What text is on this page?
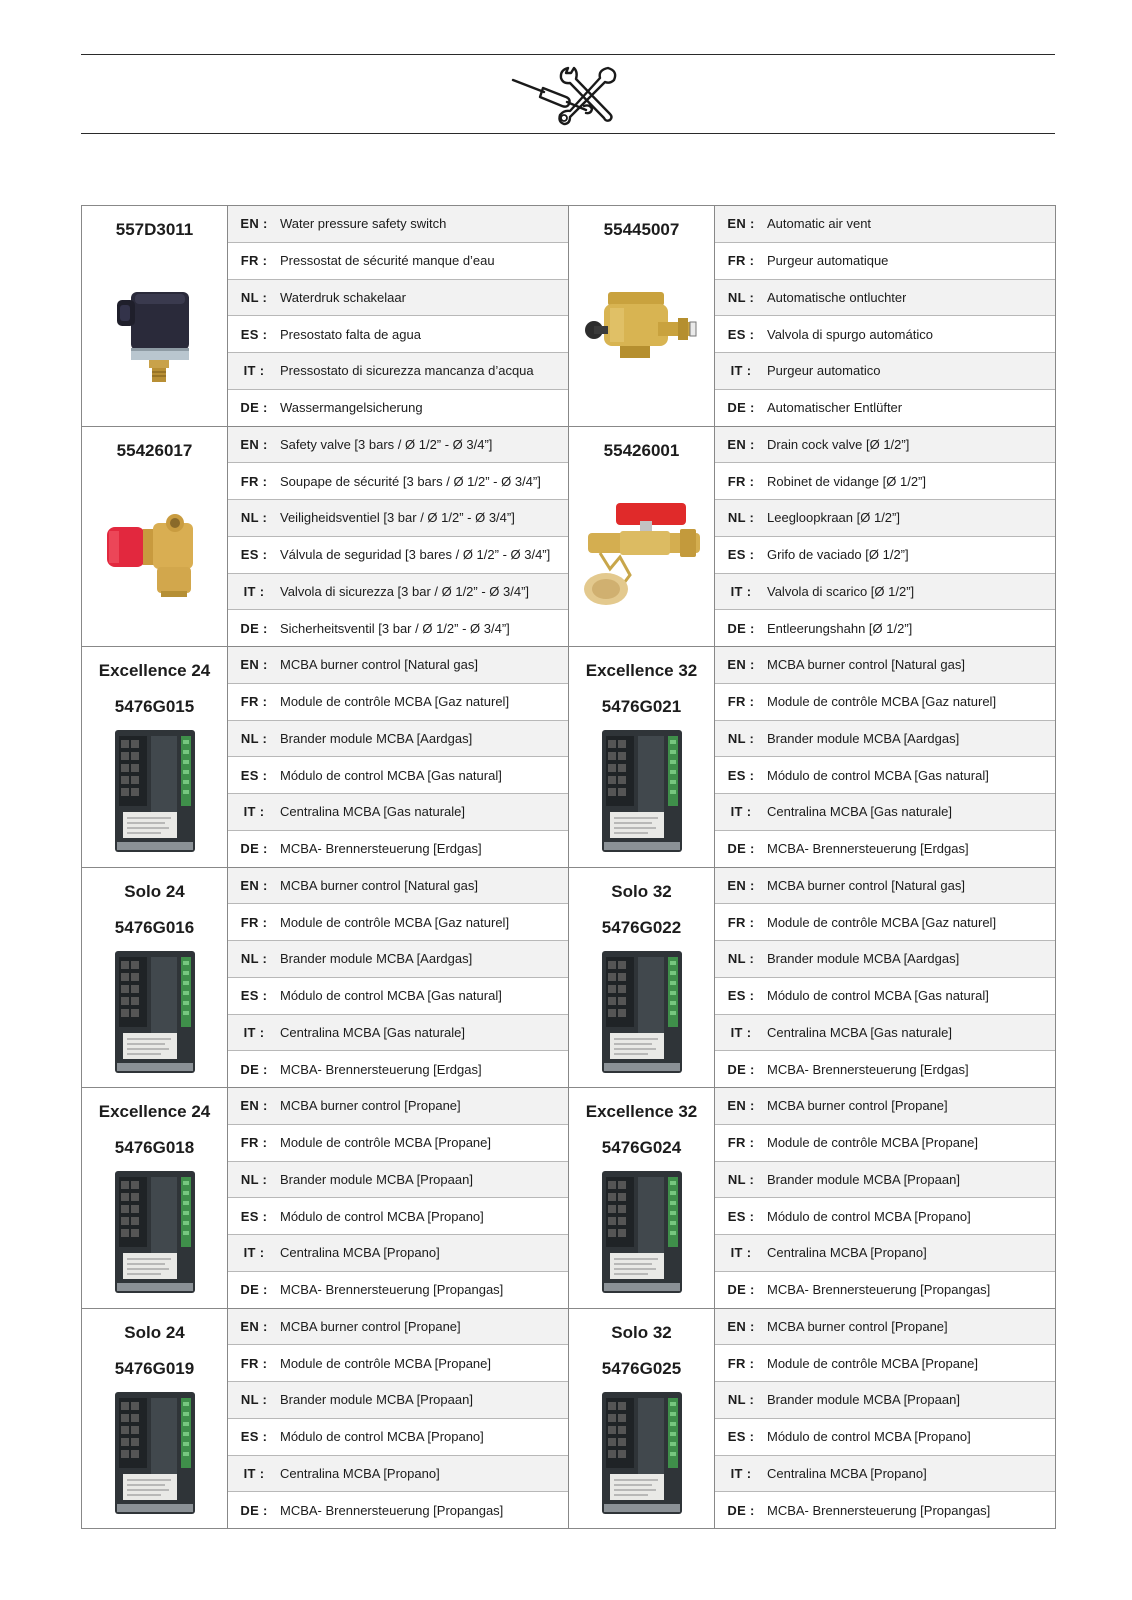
557D3011	EN : Water pressure safety switch
FR : Pressostat de sécurité manque d’eau
NL : Waterdruk schakelaar
ES : Presostato falta de agua
IT :	Pressostato di sicurezza mancanza d’acqua
DE : Wassermangelsicherung
55445007	EN : Automatic air vent
FR : Purgeur automatique
NL : Automatische ontluchter
ES : Valvola di spurgo automático
IT :	Purgeur automatico
DE : Automatischer Entlüfter
55426017	EN : Safety valve [3 bars / Ø 1/2” - Ø 3/4”]
FR : Soupape de sécurité [3 bars / Ø 1/2” - Ø 3/4”]
NL : Veiligheidsventiel [3 bar / Ø 1/2” - Ø 3/4”]
ES : Válvula de seguridad [3 bares / Ø 1/2” - Ø 3/4”]
IT :	Valvola di sicurezza [3 bar / Ø 1/2” - Ø 3/4”]
DE : Sicherheitsventil [3 bar / Ø 1/2” - Ø 3/4”]
55426001	EN : Drain cock valve [Ø 1/2”]
FR : Robinet de vidange [Ø 1/2”]
NL : Leegloopkraan [Ø 1/2”]
ES : Grifo de vaciado [Ø 1/2”]
IT :	Valvola di scarico [Ø 1/2”]
DE : Entleerungshahn [Ø 1/2”]
Excellence 24
5476G015
EN : MCBA burner control [Natural gas]
FR : Module de contrôle MCBA [Gaz naturel]
NL : Brander module MCBA [Aardgas]
ES : Módulo de control MCBA [Gas natural]
IT :	Centralina MCBA [Gas naturale]
DE : MCBA- Brennersteuerung [Erdgas]
Excellence 32
5476G021
EN : MCBA burner control [Natural gas]
FR : Module de contrôle MCBA [Gaz naturel]
NL : Brander module MCBA [Aardgas]
ES : Módulo de control MCBA [Gas natural]
IT :	Centralina MCBA [Gas naturale]
DE : MCBA- Brennersteuerung [Erdgas]
Solo 24
5476G016
EN : MCBA burner control [Natural gas]
FR : Module de contrôle MCBA [Gaz naturel]
NL : Brander module MCBA [Aardgas]
ES : Módulo de control MCBA [Gas natural]
IT :	Centralina MCBA [Gas naturale]
DE : MCBA- Brennersteuerung [Erdgas]
Solo 32
5476G022
EN : MCBA burner control [Natural gas]
FR : Module de contrôle MCBA [Gaz naturel]
NL : Brander module MCBA [Aardgas]
ES : Módulo de control MCBA [Gas natural]
IT :	Centralina MCBA [Gas naturale]
DE : MCBA- Brennersteuerung [Erdgas]
Excellence 24
5476G018
EN : MCBA burner control [Propane]
FR : Module de contrôle MCBA [Propane]
NL : Brander module MCBA [Propaan]
ES : Módulo de control MCBA [Propano]
IT :	Centralina MCBA [Propano]
DE : MCBA- Brennersteuerung [Propangas]
Excellence 32
5476G024
EN : MCBA burner control [Propane]
FR : Module de contrôle MCBA [Propane]
NL : Brander module MCBA [Propaan]
ES : Módulo de control MCBA [Propano]
IT :	Centralina MCBA [Propano]
DE : MCBA- Brennersteuerung [Propangas]
Solo 24
5476G019
EN : MCBA burner control [Propane]
FR : Module de contrôle MCBA [Propane]
NL : Brander module MCBA [Propaan]
ES : Módulo de control MCBA [Propano]
IT :	Centralina MCBA [Propano]
DE : MCBA- Brennersteuerung [Propangas]
Solo 32
5476G025
EN : MCBA burner control [Propane]
FR : Module de contrôle MCBA [Propane]
NL : Brander module MCBA [Propaan]
ES : Módulo de control MCBA [Propano]
IT :	Centralina MCBA [Propano]
DE : MCBA- Brennersteuerung [Propangas]
